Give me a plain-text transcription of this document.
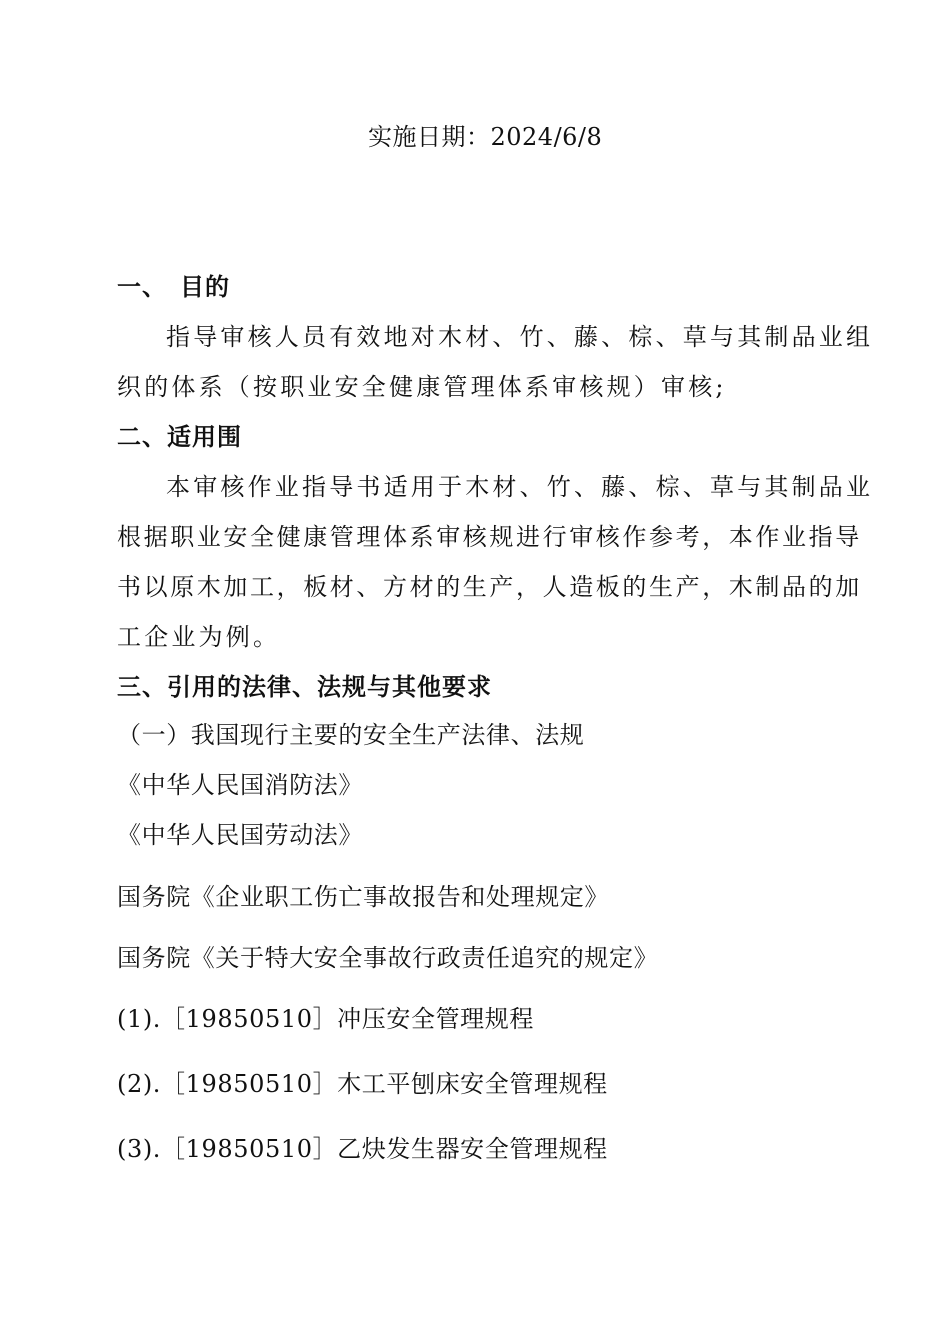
实施日期：2024/6/8
一、　目的
指导审核人员有效地对木材、竹、藤、棕、草与其制品业组
织的体系（按职业安全健康管理体系审核规）审核;
二、适用围
本审核作业指导书适用于木材、竹、藤、棕、草与其制品业
根据职业安全健康管理体系审核规进行审核作参考，本作业指导
书以原木加工，板材、方材的生产，人造板的生产，木制品的加
工企业为例。
三、引用的法律、法规与其他要求
（一）我国现行主要的安全生产法律、法规
《中华人民国消防法》
《中华人民国劳动法》
国务院《企业职工伤亡事故报告和处理规定》
国务院《关于特大安全事故行政责任追究的规定》
(1).［19850510］冲压安全管理规程
(2).［19850510］木工平刨床安全管理规程
(3).［19850510］乙炔发生器安全管理规程
